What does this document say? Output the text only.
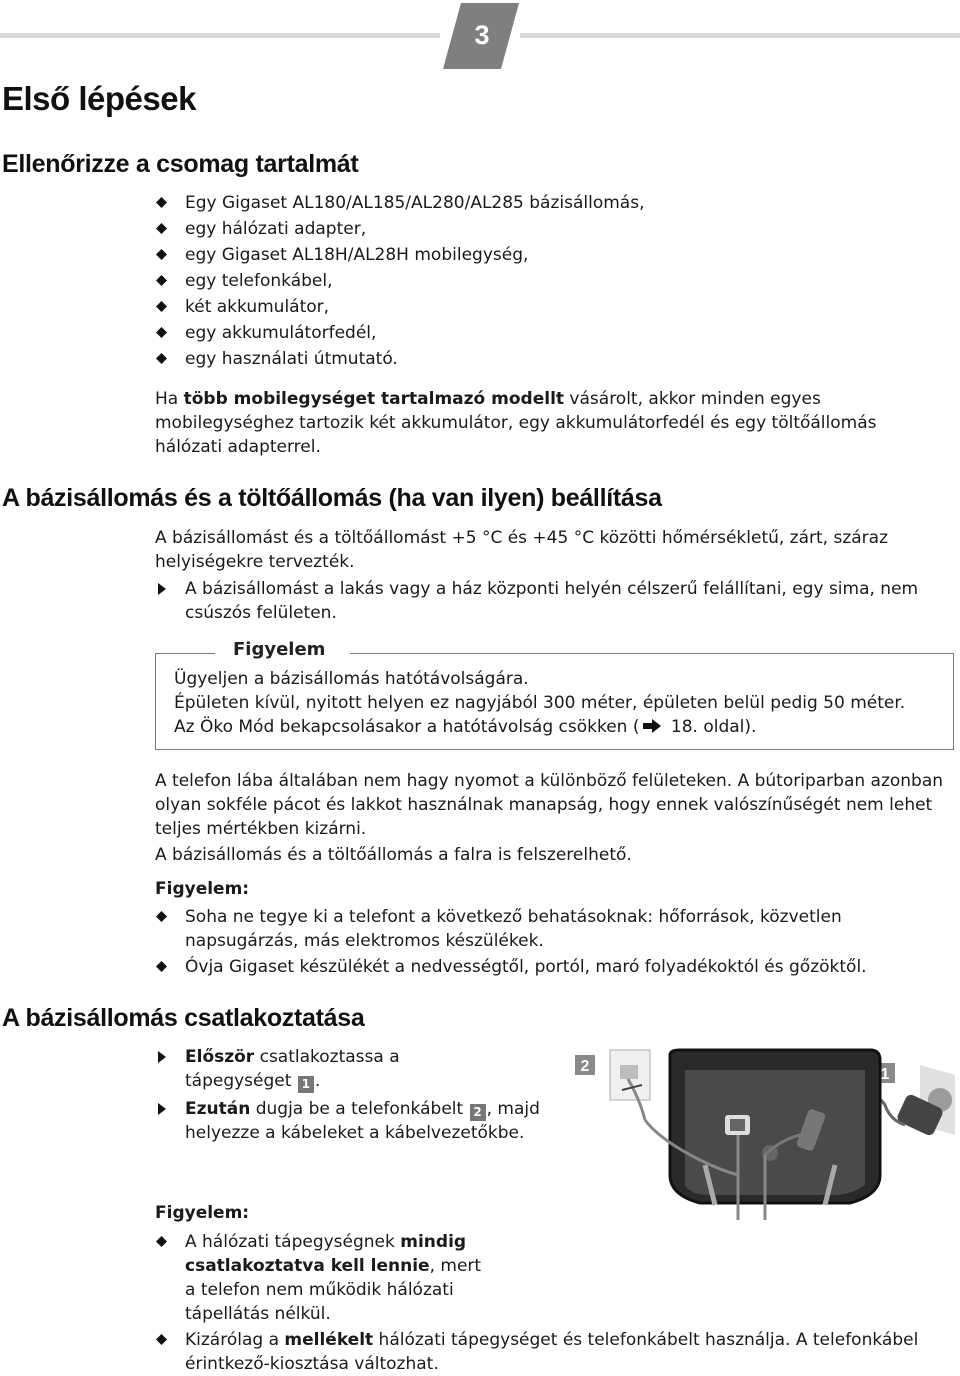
3
Első lépések
Ellenőrizze a csomag tartalmát
Egy Gigaset AL180/AL185/AL280/AL285 bázisállomás,
egy hálózati adapter,
egy Gigaset AL18H/AL28H mobilegység,
egy telefonkábel,
két akkumulátor,
egy akkumulátorfedél,
egy használati útmutató.
Ha több mobilegységet tartalmazó modellt vásárolt, akkor minden egyes mobilegységhez tartozik két akkumulátor, egy akkumulátorfedél és egy töltőállomás hálózati adapterrel.
A bázisállomás és a töltőállomás (ha van ilyen) beállítása
A bázisállomást és a töltőállomást +5 °C és +45 °C közötti hőmérsékletű, zárt, száraz helyiségekre tervezték.
A bázisállomást a lakás vagy a ház központi helyén célszerű felállítani, egy sima, nem csúszós felületen.
Figyelem
Ügyeljen a bázisállomás hatótávolságára.
Épületen kívül, nyitott helyen ez nagyjából 300 méter, épületen belül pedig 50 méter.
Az Öko Mód bekapcsolásakor a hatótávolság csökken ( 18. oldal).
A telefon lába általában nem hagy nyomot a különböző felületeken. A bútoriparban azonban olyan sokféle pácot és lakkot használnak manapság, hogy ennek valószínűségét nem lehet teljes mértékben kizárni.
A bázisállomás és a töltőállomás a falra is felszerelhető.
Figyelem:
Soha ne tegye ki a telefont a következő behatásoknak: hőforrások, közvetlen napsugárzás, más elektromos készülékek.
Óvja Gigaset készülékét a nedvességtől, portól, maró folyadékoktól és gőzöktől.
A bázisállomás csatlakoztatása
Először csatlakoztassa a tápegységet 1 .
Ezután dugja be a telefonkábelt 2 , majd helyezze a kábeleket a kábelvezetőkbe.
2	1
Figyelem:
A hálózati tápegységnek mindig csatlakoztatva kell lennie, mert a telefon nem működik hálózati tápellátás nélkül.
Kizárólag a mellékelt hálózati tápegységet és telefonkábelt használja. A telefonkábel érintkező-kiosztása változhat.
